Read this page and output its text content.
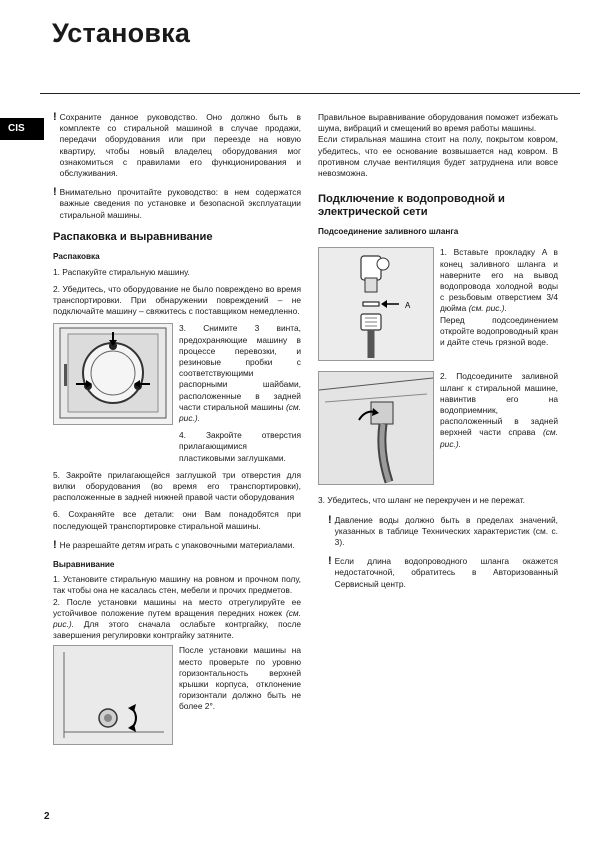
Установка
CIS
! Сохраните данное руководство. Оно должно быть в комплекте со стиральной машиной в случае продажи, передачи оборудования или при переезде на новую квартиру, чтобы новый владелец оборудования мог ознакомиться с правилами его функционирования и обслуживания.

! Внимательно прочитайте руководство: в нем содержатся важные сведения по установке и безопасной эксплуатации стиральной машины.

Распаковка и выравнивание
Распаковка

1. Распакуйте стиральную машину.

2. Убедитесь, что оборудование не было повреждено во время транспортировки. При обнаружении повреждений – не подключайте машину – свяжитесь с поставщиком немедленно.

3. Снимите 3 винта, предохраняющие машину в процессе перевозки, и резиновые пробки с соответствующими распорными шайбами, расположенные в задней части стиральной машины (см. рис.).

4. Закройте отверстия прилагающимися пластиковыми заглушками.

5. Закройте прилагающейся заглушкой три отверстия для вилки оборудования (во время его транспортировки), расположенные в задней нижней правой части оборудования

6. Сохраняйте все детали: они Вам понадобятся при последующей транспортировке стиральной машины.

! Не разрешайте детям играть с упаковочными материалами.

Выравнивание

1. Установите стиральную машину на ровном и прочном полу, так чтобы она не касалась стен, мебели и прочих предметов.

2. После установки машины на место отрегулируйте ее устойчивое положение путем вращения передних ножек (см. рис.). Для этого сначала ослабьте контргайку, после завершения регулировки контргайку затяните.

После установки машины на место проверьте по уровню горизонтальность верхней крышки корпуса, отклонение горизонтали должно быть не более 2°.

Правильное выравнивание оборудования поможет избежать шума, вибраций и смещений во время работы машины.

Если стиральная машина стоит на полу, покрытом ковром, убедитесь, что ее основание возвышается над ковром. В противном случае вентиляция будет затруднена или вовсе невозможна.

Подключение к водопроводной и электрической сети
Подсоединение заливного шланга
A

1. Вставьте прокладку A в конец заливного шланга и наверните его на вывод водопровода холодной воды с резьбовым отверстием 3/4 дюйма (см. рис.).

Перед подсоединением откройте водопроводный кран и дайте стечь грязной воде.

2. Подсоедините заливной шланг к стиральной машине, навинтив его на водоприемник, расположенный в задней верхней части справа (см. рис.).

3. Убедитесь, что шланг не перекручен и не пережат.

! Давление воды должно быть в пределах значений, указанных в таблице Технических характеристик (см. с. 3).

! Если длина водопроводного шланга окажется недостаточной, обратитесь в Авторизованный Сервисный центр.

2
